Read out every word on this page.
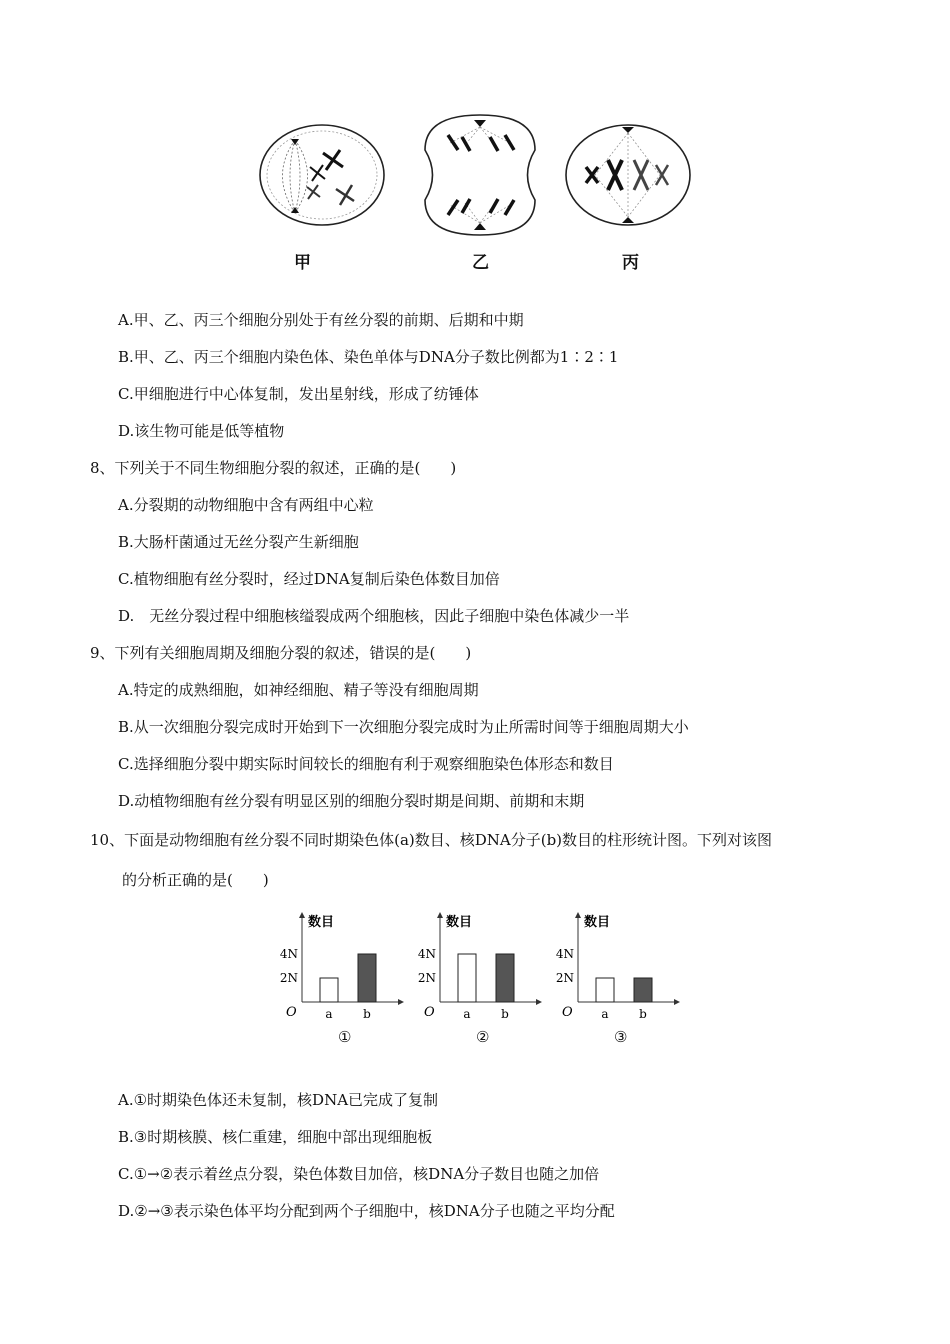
甲	乙	丙
A.甲、乙、丙三个细胞分别处于有丝分裂的前期、后期和中期
B.甲、乙、丙三个细胞内染色体、染色单体与DNA分子数比例都为1∶2∶1
C.甲细胞进行中心体复制，发出星射线，形成了纺锤体
D.该生物可能是低等植物
8、下列关于不同生物细胞分裂的叙述，正确的是(　　)
A.分裂期的动物细胞中含有两组中心粒
B.大肠杆菌通过无丝分裂产生新细胞
C.植物细胞有丝分裂时，经过DNA复制后染色体数目加倍
D.　无丝分裂过程中细胞核缢裂成两个细胞核，因此子细胞中染色体减少一半
9、下列有关细胞周期及细胞分裂的叙述，错误的是(　　)
A.特定的成熟细胞，如神经细胞、精子等没有细胞周期
B.从一次细胞分裂完成时开始到下一次细胞分裂完成时为止所需时间等于细胞周期大小
C.选择细胞分裂中期实际时间较长的细胞有利于观察细胞染色体形态和数目
D.动植物细胞有丝分裂有明显区别的细胞分裂时期是间期、前期和末期
10、下面是动物细胞有丝分裂不同时期染色体(a)数目、核DNA分子(b)数目的柱形统计图。下列对该图
的分析正确的是(　　)
数目
O
2N
4N
a	b
数目
O
2N
4N
a	b
数目
O
2N
4N
a	b
①	②	③
A.①时期染色体还未复制，核DNA已完成了复制
B.③时期核膜、核仁重建，细胞中部出现细胞板
C.①→②表示着丝点分裂，染色体数目加倍，核DNA分子数目也随之加倍
D.②→③表示染色体平均分配到两个子细胞中，核DNA分子也随之平均分配
